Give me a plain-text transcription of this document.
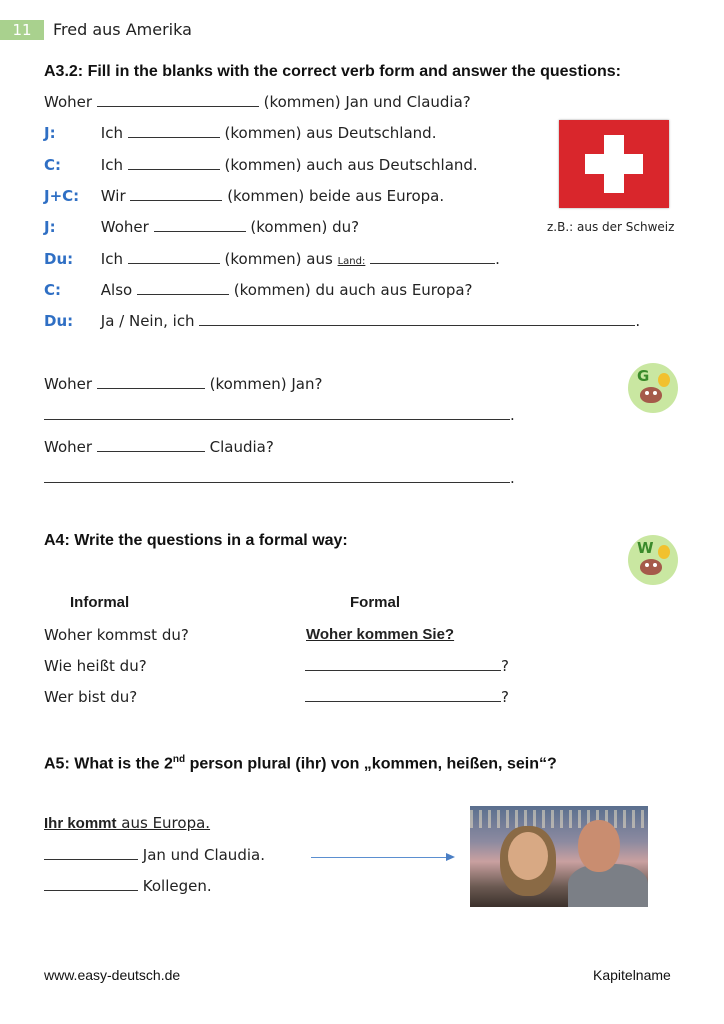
11	Fred aus Amerika
A3.2: Fill in the blanks with the correct verb form and answer the questions:
Woher	(kommen) Jan und Claudia?
J:	Ich	(kommen) aus Deutschland.
C:	Ich	(kommen) auch aus Deutschland.
J+C: Wir	(kommen) beide aus Europa.
J:	Woher	(kommen) du?
Du: Ich	(kommen) aus Land:	.
C:	Also	(kommen) du auch aus Europa?
Du: Ja / Nein, ich	.
z.B.: aus der Schweiz
G
Woher	(kommen) Jan?
.
Woher	Claudia?
.
A4: Write the questions in a formal way:	W
Informal	Formal
Woher kommst du?	Woher kommen Sie?
Wie heißt du?	?
Wer bist du?	?
A5: What is the 2nd person plural (ihr) von „kommen, heißen, sein“?
Ihr kommt aus Europa.
Jan und Claudia.
Kollegen.
www.easy-deutsch.de	Kapitelname
